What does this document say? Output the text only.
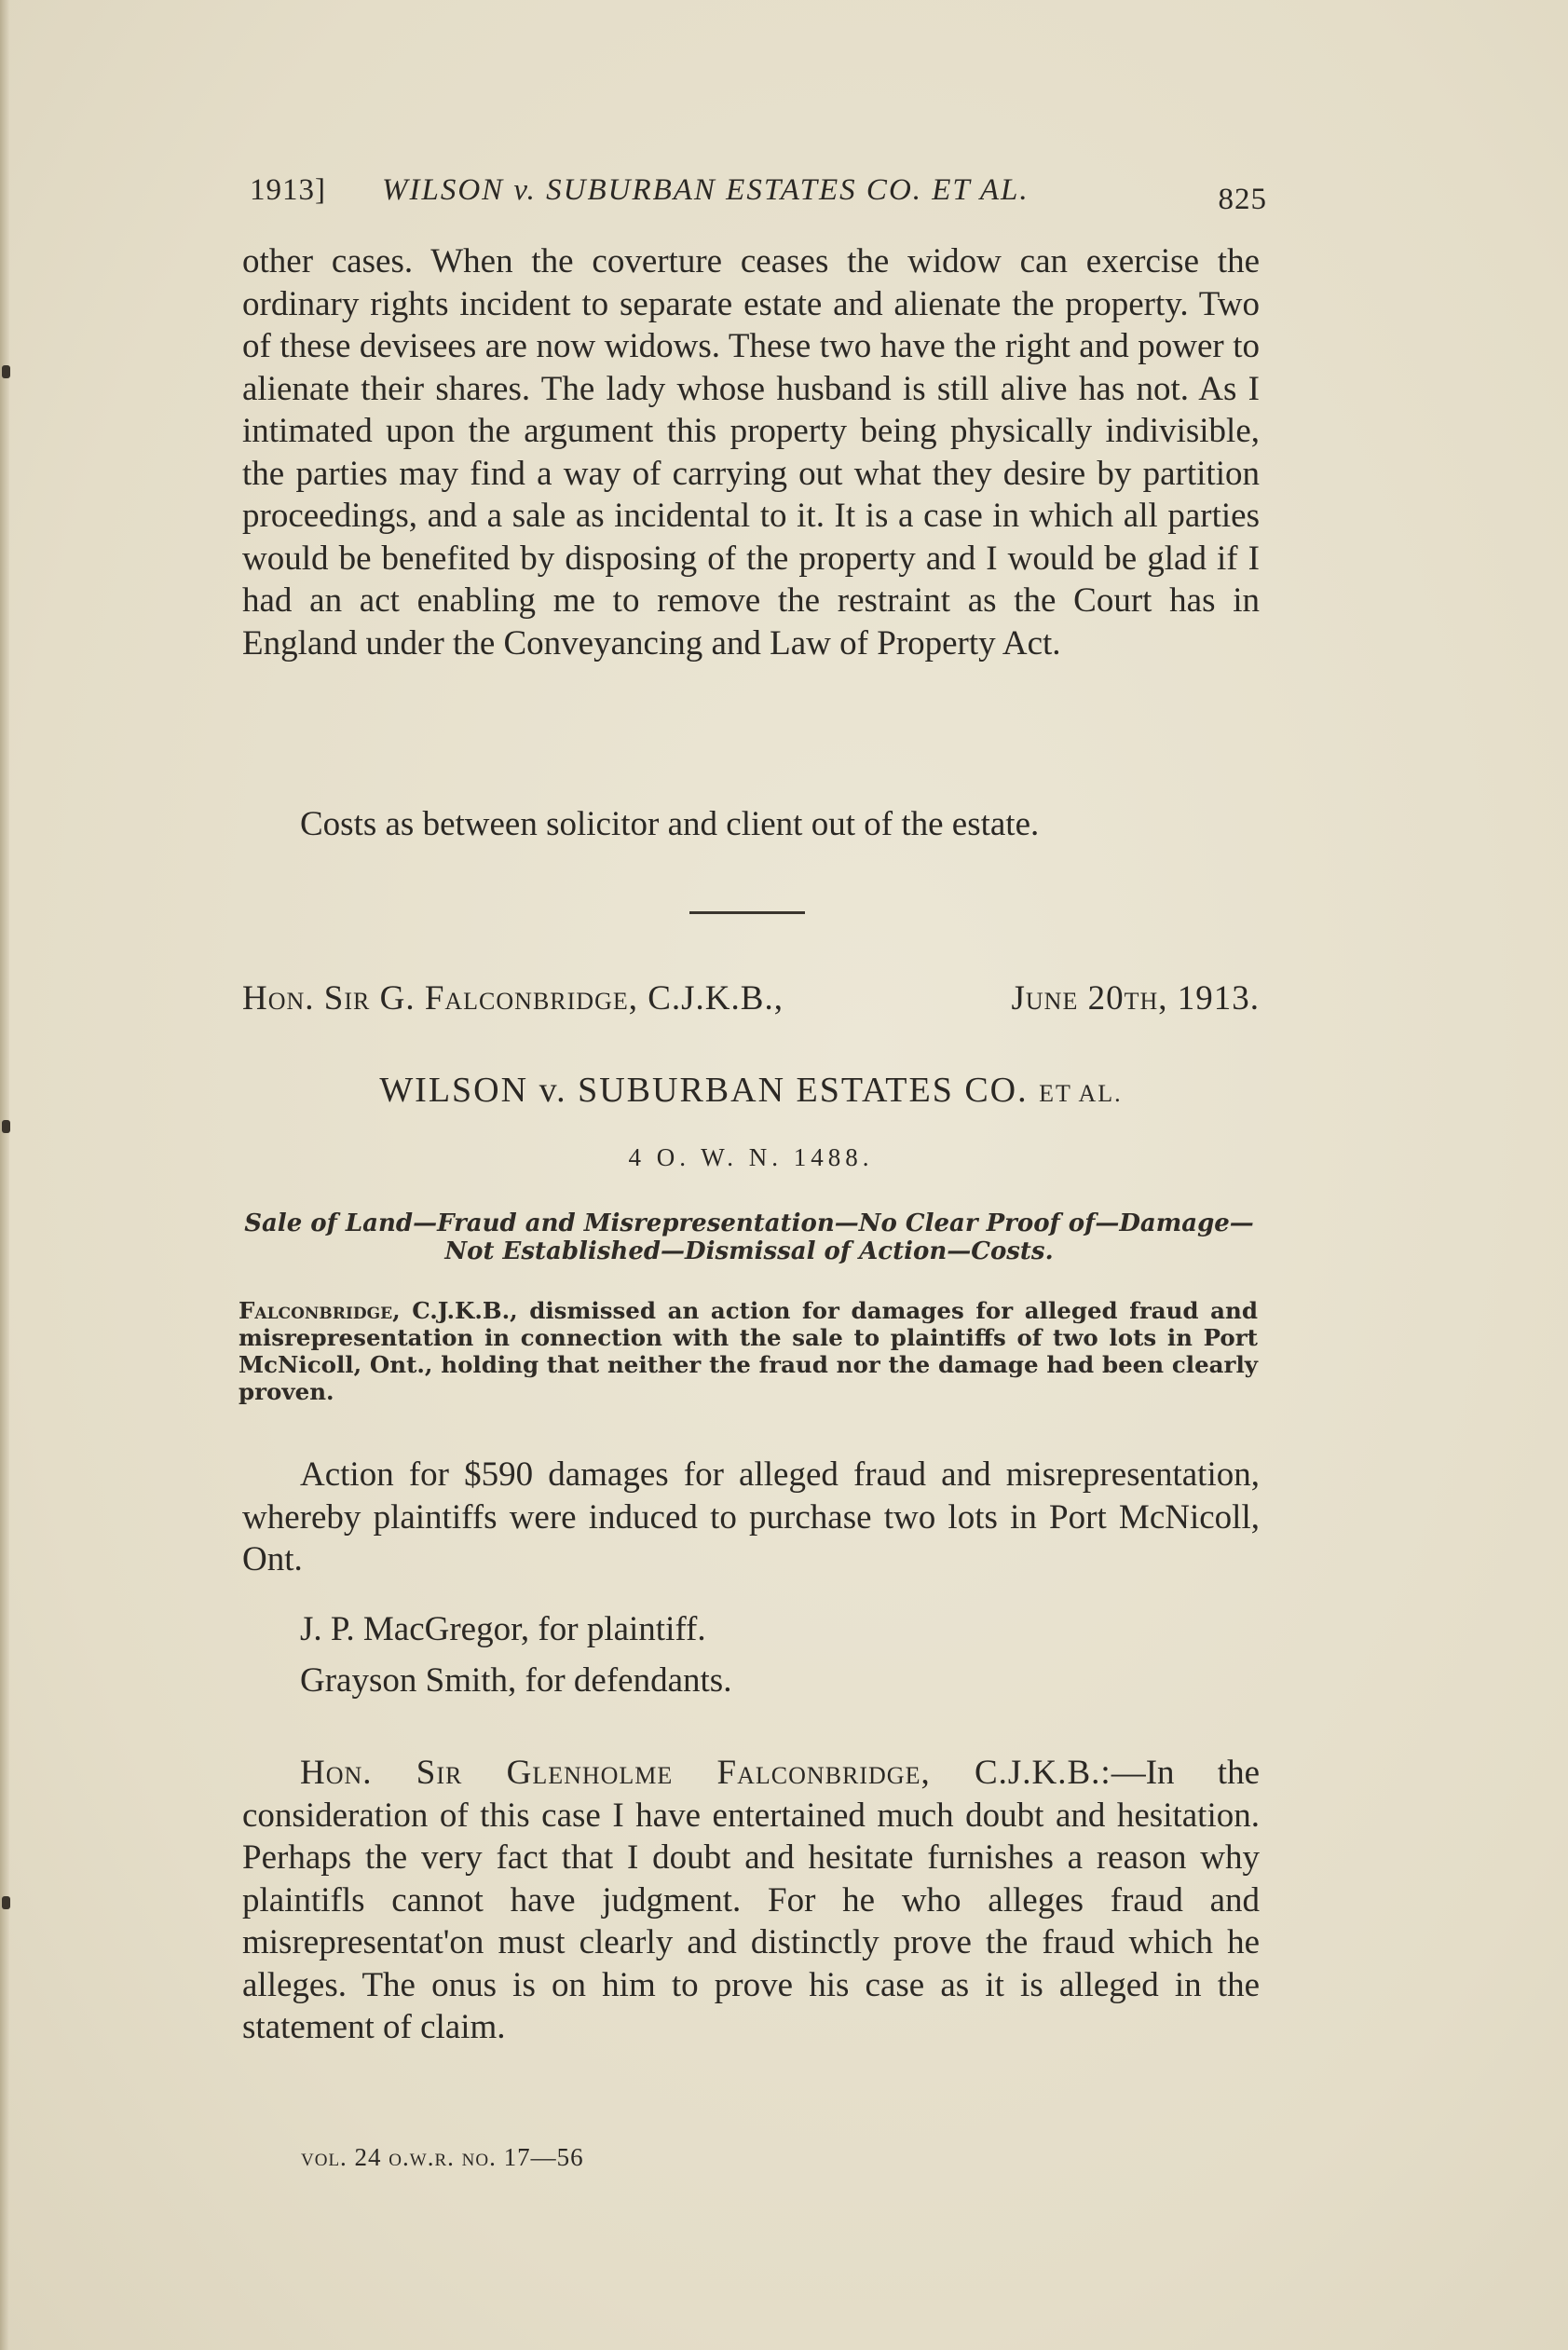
1913] WILSON v. SUBURBAN ESTATES CO. ET AL.	825
other cases. When the coverture ceases the widow can exercise the ordinary rights incident to separate estate and alienate the property. Two of these devisees are now widows. These two have the right and power to alienate their shares. The lady whose husband is still alive has not. As I intimated upon the argument this property being physically indivisible, the parties may find a way of carrying out what they desire by partition proceedings, and a sale as incidental to it. It is a case in which all parties would be benefited by disposing of the property and I would be glad if I had an act enabling me to remove the restraint as the Court has in England under the Conveyancing and Law of Property Act.
Costs as between solicitor and client out of the estate.
Hon. Sir G. Falconbridge, C.J.K.B.,	June 20th, 1913.
WILSON v. SUBURBAN ESTATES CO. ET AL.
4 O. W. N. 1488.
Sale of Land—Fraud and Misrepresentation—No Clear Proof of—Damage—Not Established—Dismissal of Action—Costs.
Falconbridge, C.J.K.B., dismissed an action for damages for alleged fraud and misrepresentation in connection with the sale to plaintiffs of two lots in Port McNicoll, Ont., holding that neither the fraud nor the damage had been clearly proven.
Action for $590 damages for alleged fraud and misrepresentation, whereby plaintiffs were induced to purchase two lots in Port McNicoll, Ont.
J. P. MacGregor, for plaintiff.
Grayson Smith, for defendants.
Hon. Sir Glenholme Falconbridge, C.J.K.B.:—In the consideration of this case I have entertained much doubt and hesitation. Perhaps the very fact that I doubt and hesitate furnishes a reason why plaintifls cannot have judgment. For he who alleges fraud and misrepresentat'on must clearly and distinctly prove the fraud which he alleges. The onus is on him to prove his case as it is alleged in the statement of claim.
vol. 24 o.w.r. no. 17—56
